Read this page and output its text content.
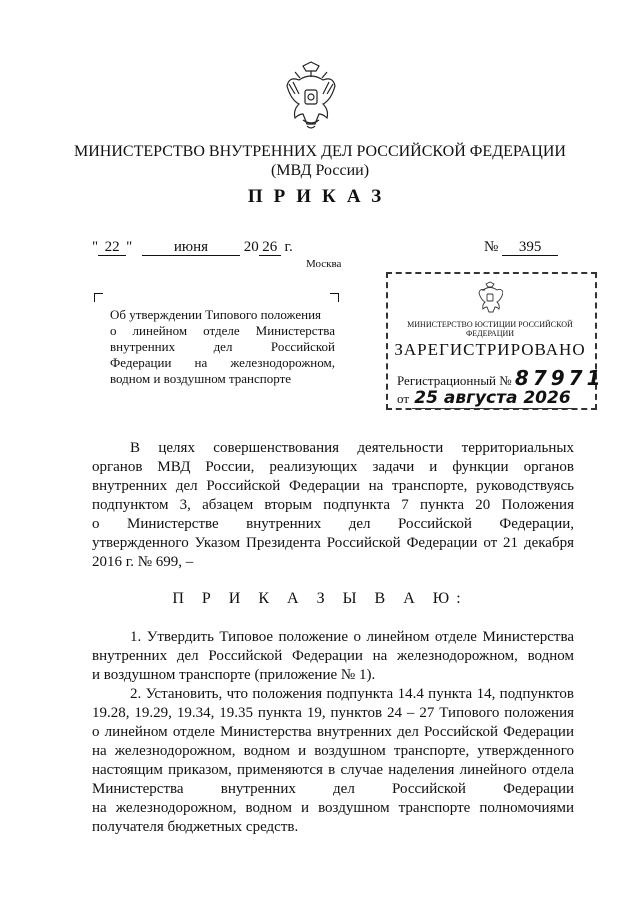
МИНИСТЕРСТВО ВНУТРЕННИХ ДЕЛ РОССИЙСКОЙ ФЕДЕРАЦИИ
(МВД России)
ПРИКАЗ
" 22 "	июня 20 26 г.	№ 395
Москва
Об утверждении Типового положения
о линейном отделе Министерства
внутренних дел Российской
Федерации на железнодорожном,
водном и воздушном транспорте
МИНИСТЕРСТВО ЮСТИЦИИ РОССИЙСКОЙ ФЕДЕРАЦИИ
ЗАРЕГИСТРИРОВАНО
Регистрационный № 87971
от 25 августа 2026
В целях совершенствования деятельности территориальных
органов МВД России, реализующих задачи и функции органов
внутренних дел Российской Федерации на транспорте, руководствуясь
подпунктом 3, абзацем вторым подпункта 7 пункта 20 Положения
о Министерстве внутренних дел Российской Федерации,
утвержденного Указом Президента Российской Федерации от 21 декабря
2016 г. № 699, –
П Р И К А З Ы В А Ю:
1. Утвердить Типовое положение о линейном отделе Министерства
внутренних дел Российской Федерации на железнодорожном, водном
и воздушном транспорте (приложение № 1).
2. Установить, что положения подпункта 14.4 пункта 14, подпунктов
19.28, 19.29, 19.34, 19.35 пункта 19, пунктов 24 – 27 Типового положения
о линейном отделе Министерства внутренних дел Российской Федерации
на железнодорожном, водном и воздушном транспорте, утвержденного
настоящим приказом, применяются в случае наделения линейного отдела
Министерства внутренних дел Российской Федерации
на железнодорожном, водном и воздушном транспорте полномочиями
получателя бюджетных средств.
